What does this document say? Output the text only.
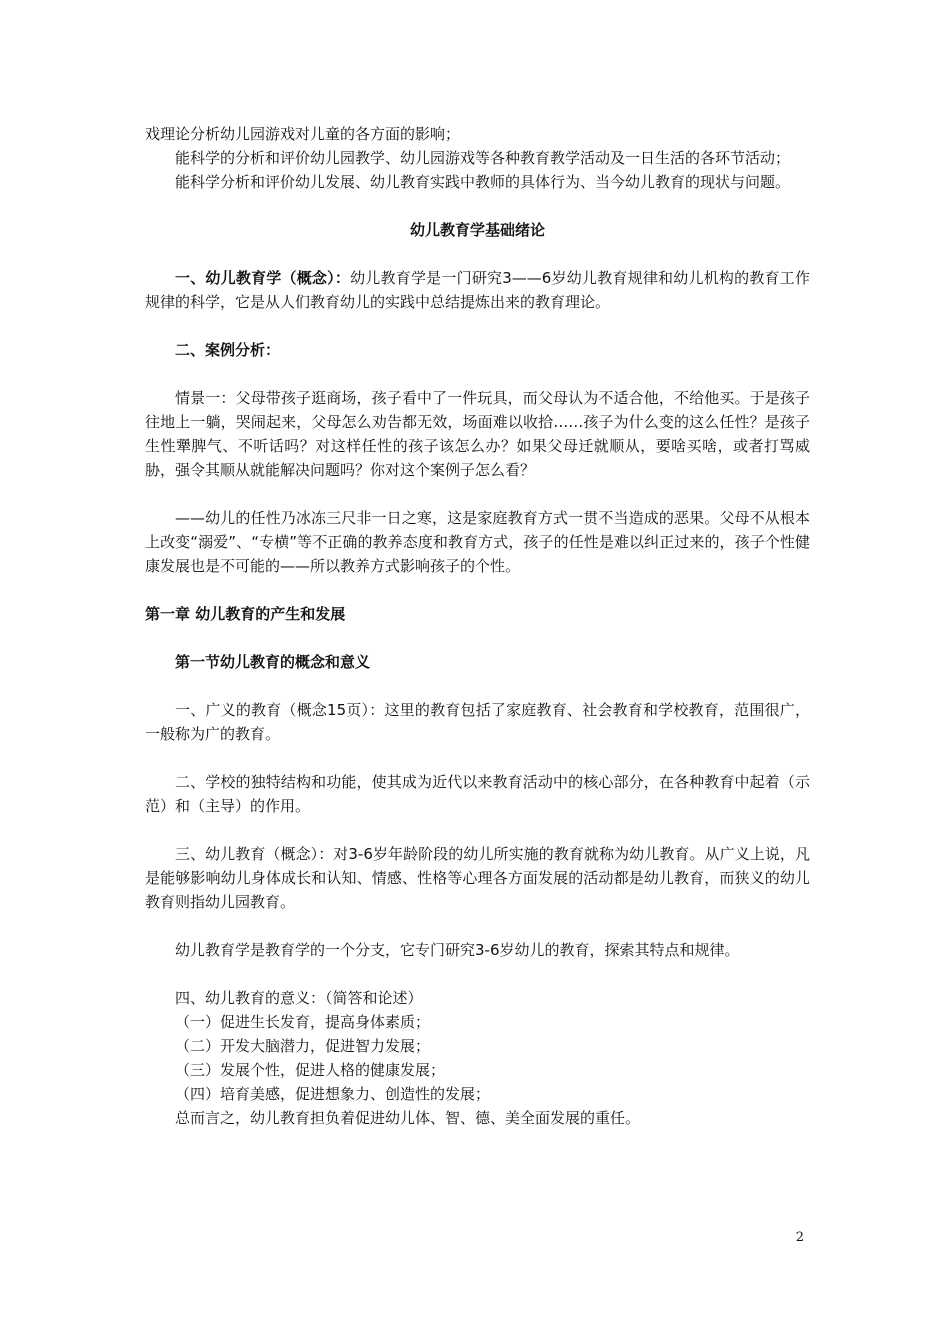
戏理论分析幼儿园游戏对儿童的各方面的影响；

能科学的分析和评价幼儿园教学、幼儿园游戏等各种教育教学活动及一日生活的各环节活动；

能科学分析和评价幼儿发展、幼儿教育实践中教师的具体行为、当今幼儿教育的现状与问题。

幼儿教育学基础绪论

一、幼儿教育学（概念）：幼儿教育学是一门研究3——6岁幼儿教育规律和幼儿机构的教育工作规律的科学，它是从人们教育幼儿的实践中总结提炼出来的教育理论。

二、案例分析：

情景一：父母带孩子逛商场，孩子看中了一件玩具，而父母认为不适合他，不给他买。于是孩子往地上一躺，哭闹起来，父母怎么劝告都无效，场面难以收拾……孩子为什么变的这么任性？是孩子生性犟脾气、不听话吗？对这样任性的孩子该怎么办？如果父母迁就顺从，要啥买啥，或者打骂威胁，强令其顺从就能解决问题吗？你对这个案例子怎么看？

——幼儿的任性乃冰冻三尺非一日之寒，这是家庭教育方式一贯不当造成的恶果。父母不从根本上改变“溺爱”、“专横”等不正确的教养态度和教育方式，孩子的任性是难以纠正过来的，孩子个性健康发展也是不可能的——所以教养方式影响孩子的个性。

第一章 幼儿教育的产生和发展

第一节幼儿教育的概念和意义

一、广义的教育（概念15页）：这里的教育包括了家庭教育、社会教育和学校教育，范围很广，一般称为广的教育。

二、学校的独特结构和功能，使其成为近代以来教育活动中的核心部分，在各种教育中起着（示范）和（主导）的作用。

三、幼儿教育（概念）：对3-6岁年龄阶段的幼儿所实施的教育就称为幼儿教育。从广义上说，凡是能够影响幼儿身体成长和认知、情感、性格等心理各方面发展的活动都是幼儿教育，而狭义的幼儿教育则指幼儿园教育。

幼儿教育学是教育学的一个分支，它专门研究3-6岁幼儿的教育，探索其特点和规律。

四、幼儿教育的意义：（简答和论述）

（一）促进生长发育，提高身体素质；

（二）开发大脑潜力，促进智力发展；

（三）发展个性，促进人格的健康发展；

（四）培育美感，促进想象力、创造性的发展；

总而言之，幼儿教育担负着促进幼儿体、智、德、美全面发展的重任。

2
